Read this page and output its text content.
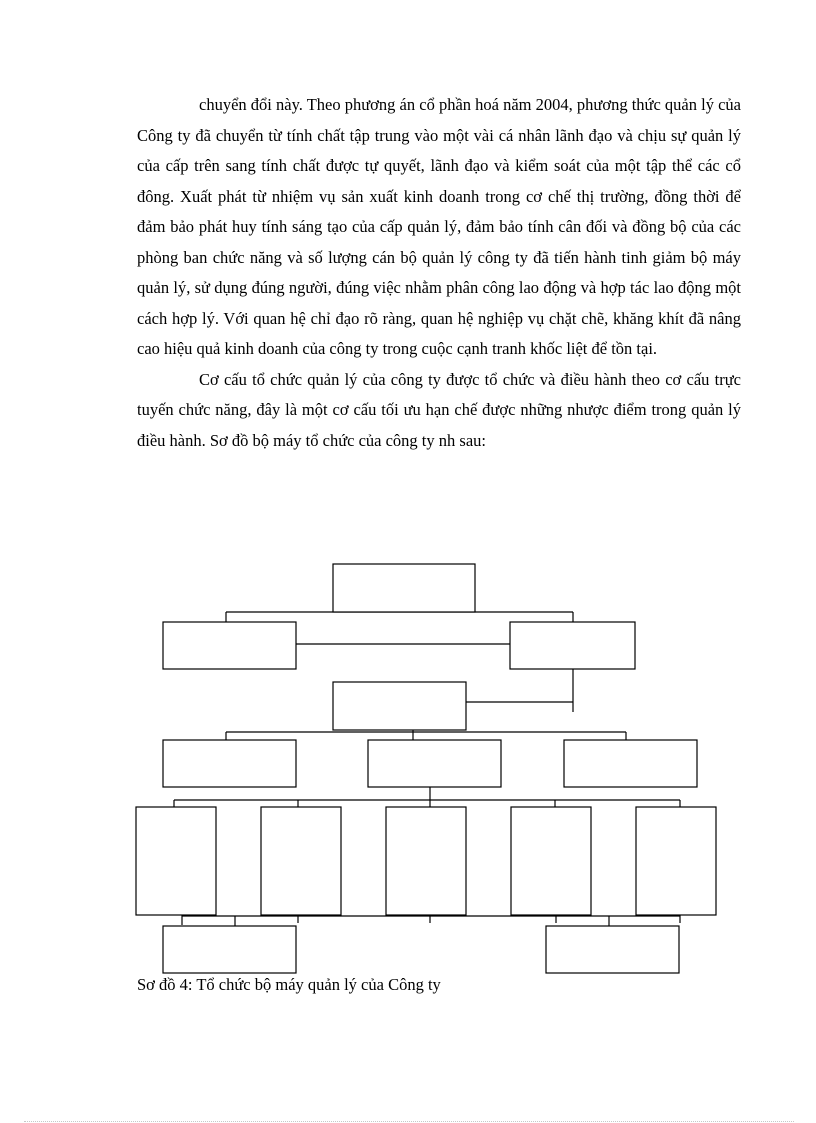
chuyển đổi này. Theo phương án cổ phần hoá năm 2004, phương thức quản lý của Công ty đã chuyển từ tính chất tập trung vào một vài cá nhân lãnh đạo và chịu sự quản lý của cấp trên sang tính chất được tự quyết, lãnh đạo và kiểm soát của một tập thể các cổ đông. Xuất phát từ nhiệm vụ sản xuất kinh doanh trong cơ chế thị trường, đồng thời để đảm bảo phát huy tính sáng tạo của cấp quản lý, đảm bảo tính cân đối và đồng bộ của các phòng ban chức năng và số lượng cán bộ quản lý công ty đã tiến hành tinh giảm bộ máy quản lý, sử dụng đúng người, đúng việc nhằm phân công lao động và hợp tác lao động một cách hợp lý. Với quan hệ chỉ đạo rõ ràng, quan hệ nghiệp vụ chặt chẽ, khăng khít đã nâng cao hiệu quả kinh doanh của công ty trong cuộc cạnh tranh khốc liệt để tồn tại.

Cơ cấu tổ chức quản lý của công ty được tổ chức và điều hành theo cơ cấu trực tuyến chức năng, đây là một cơ cấu tối ưu hạn chế được những nhược điểm trong quản lý điều hành. Sơ đồ bộ máy tổ chức của công ty nh sau:

Sơ đồ 4: Tổ chức bộ máy quản lý của Công ty
